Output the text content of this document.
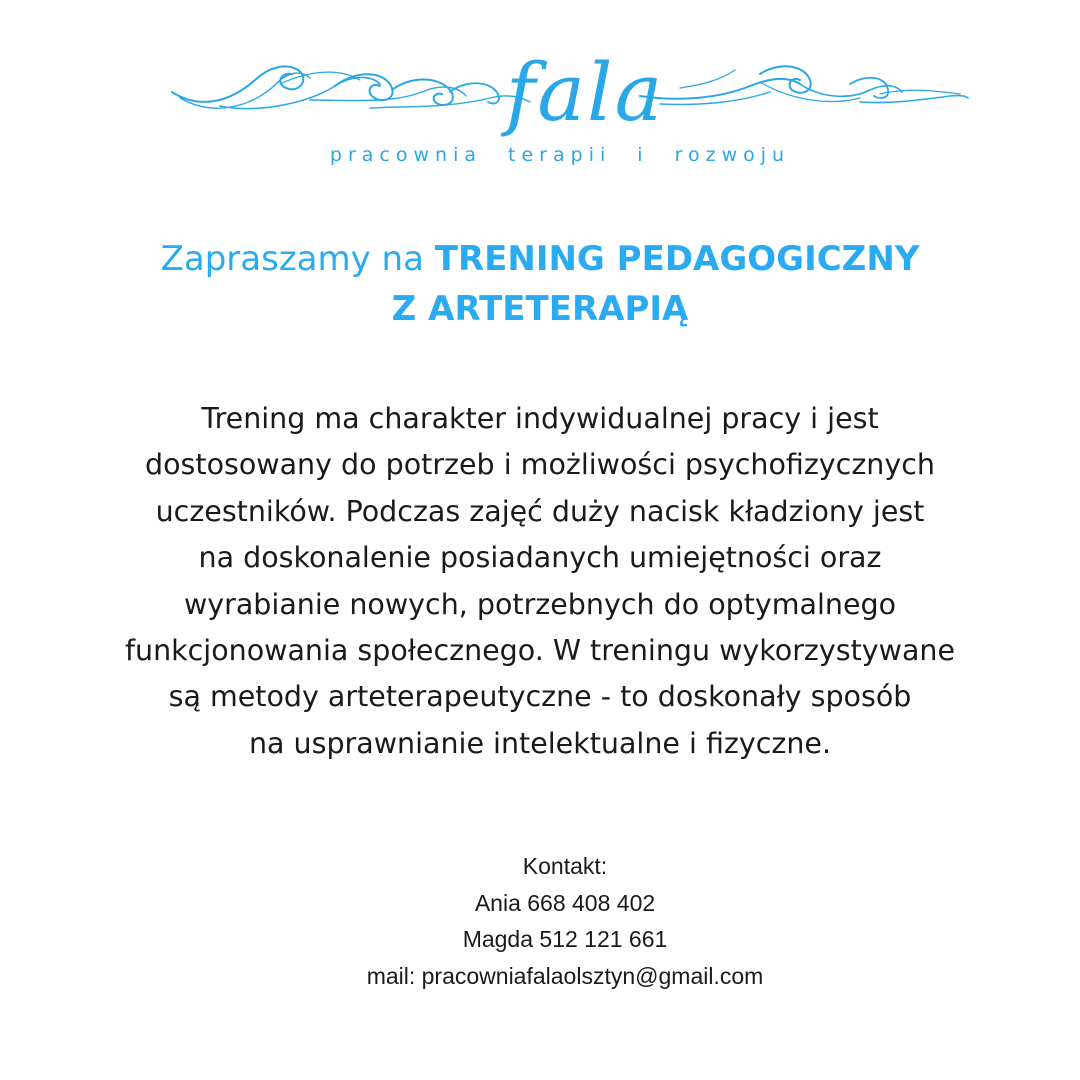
fala
pracownia terapii i rozwoju
Zapraszamy na TRENING PEDAGOGICZNY
Z ARTETERAPIĄ

Trening ma charakter indywidualnej pracy i jest
dostosowany do potrzeb i możliwości psychofizycznych
uczestników. Podczas zajęć duży nacisk kładziony jest
na doskonalenie posiadanych umiejętności oraz
wyrabianie nowych, potrzebnych do optymalnego
funkcjonowania społecznego. W treningu wykorzystywane
są metody arteterapeutyczne - to doskonały sposób
na usprawnianie intelektualne i fizyczne.

Kontakt:
Ania 668 408 402
Magda 512 121 661
mail: pracowniafalaolsztyn@gmail.com
